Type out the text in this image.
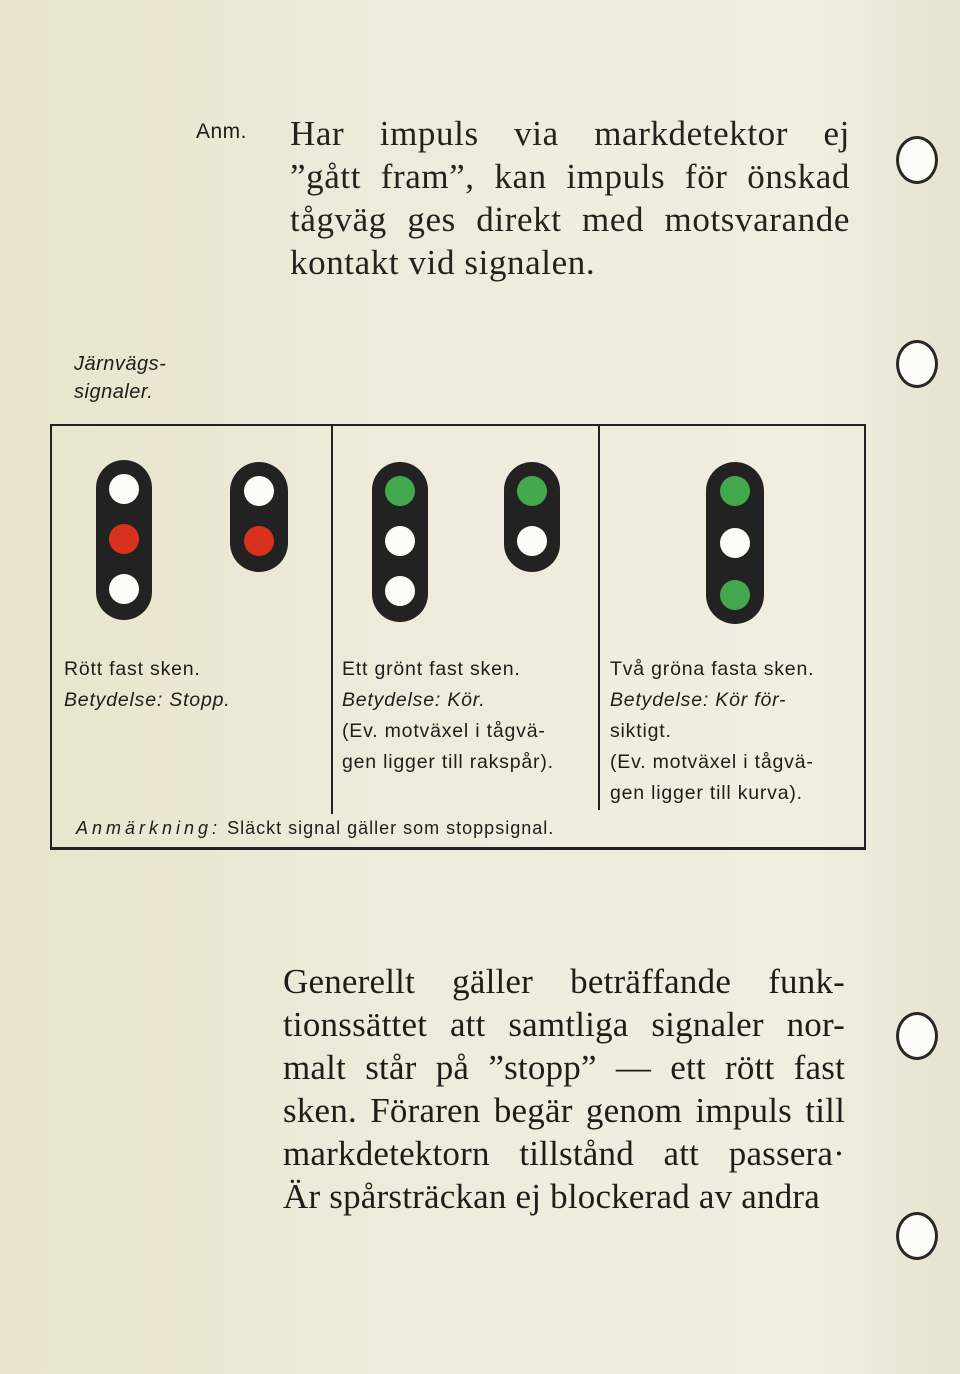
Anm. Har impuls via markdetektor ej
”gått fram”, kan impuls för önskad
tågväg ges direkt med motsvarande
kontakt vid signalen.
Järnvägs-
signaler.
Rött fast sken.
Betydelse: Stopp.
Ett grönt fast sken.
Betydelse: Kör.
(Ev. motväxel i tågvä-
gen ligger till rakspår).
Två gröna fasta sken.
Betydelse: Kör för-
siktigt.
(Ev. motväxel i tågvä-
gen ligger till kurva).
Anmärkning: Släckt signal gäller som stoppsignal.
Generellt gäller beträffande funk-
tionssättet att samtliga signaler nor-
malt står på ”stopp” — ett rött fast
sken. Föraren begär genom impuls till
markdetektorn tillstånd att passera·
Är spårsträckan ej blockerad av andra
